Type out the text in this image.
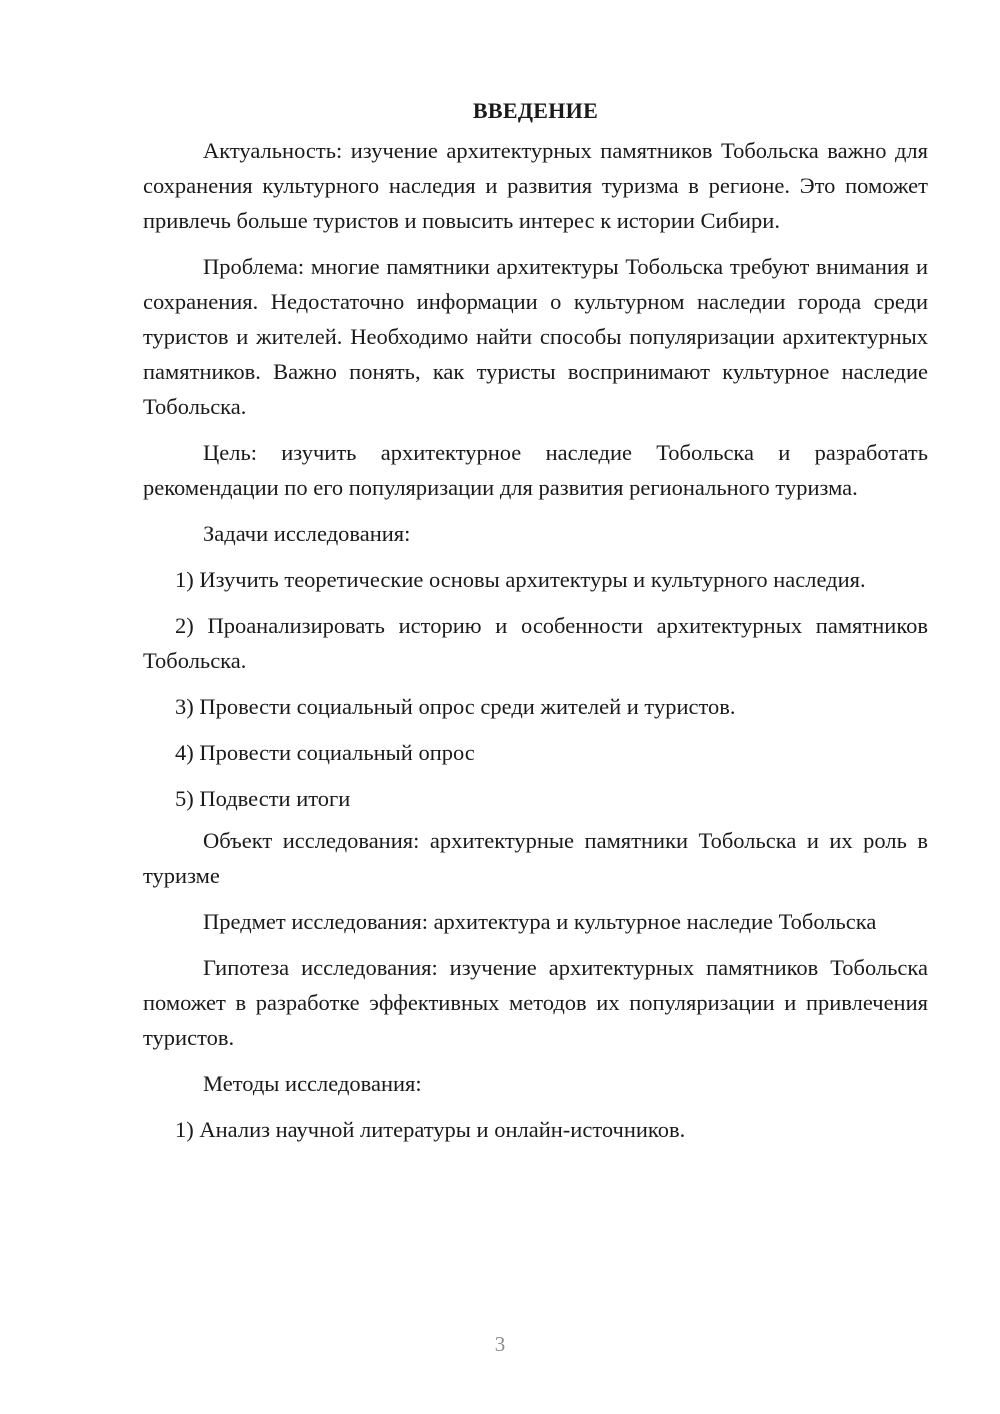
ВВЕДЕНИЕ

Актуальность: изучение архитектурных памятников Тобольска важно для сохранения культурного наследия и развития туризма в регионе. Это поможет привлечь больше туристов и повысить интерес к истории Сибири.

Проблема: многие памятники архитектуры Тобольска требуют внимания и сохранения. Недостаточно информации о культурном наследии города среди туристов и жителей. Необходимо найти способы популяризации архитектурных памятников. Важно понять, как туристы воспринимают культурное наследие Тобольска.

Цель: изучить архитектурное наследие Тобольска и разработать рекомендации по его популяризации для развития регионального туризма.

Задачи исследования:

1) Изучить теоретические основы архитектуры и культурного наследия.

2) Проанализировать историю и особенности архитектурных памятников Тобольска.

3) Провести социальный опрос среди жителей и туристов.

4) Провести социальный опрос

5) Подвести итоги

Объект исследования: архитектурные памятники Тобольска и их роль в туризме

Предмет исследования: архитектура и культурное наследие Тобольска

Гипотеза исследования: изучение архитектурных памятников Тобольска поможет в разработке эффективных методов их популяризации и привлечения туристов.

Методы исследования:

1) Анализ научной литературы и онлайн-источников.

3
